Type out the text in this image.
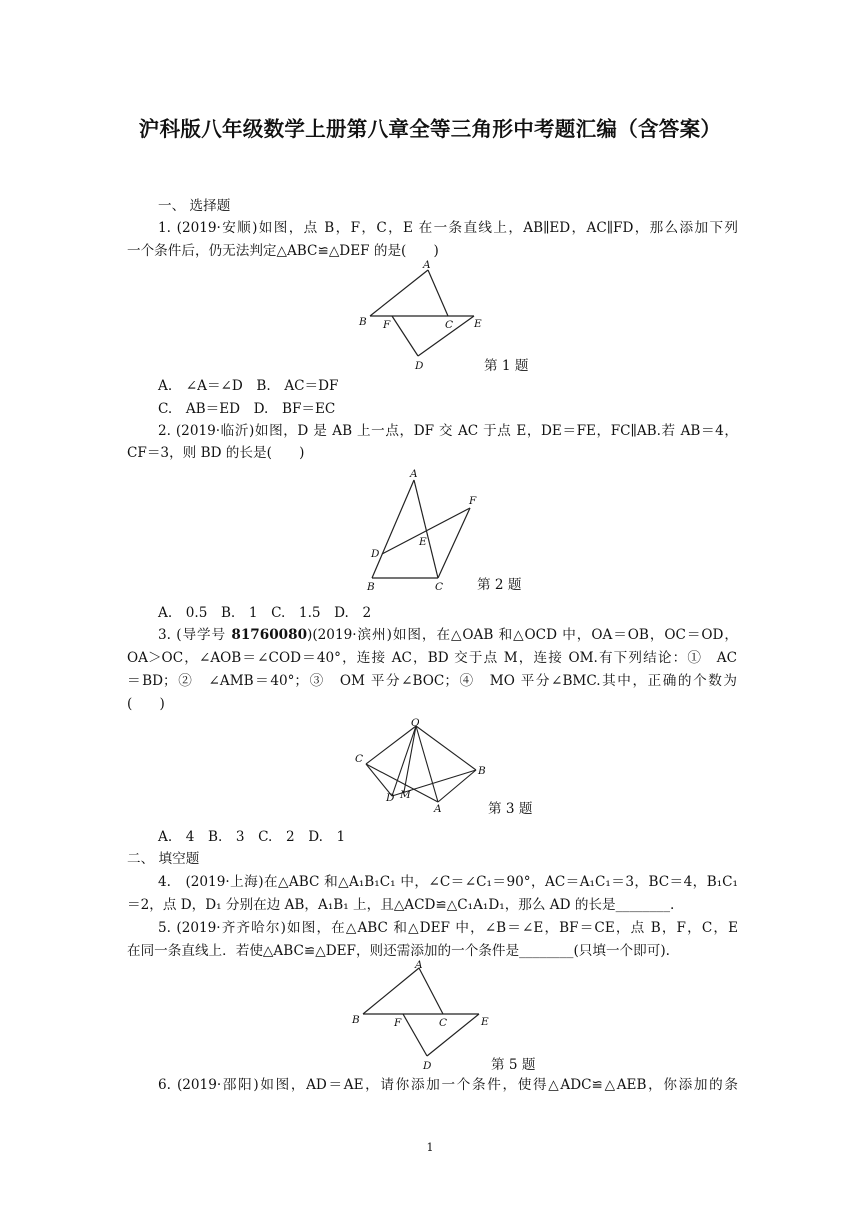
沪科版八年级数学上册第八章全等三角形中考题汇编（含答案）
一、 选择题
1. (2019·安顺)如图，点 B，F，C，E 在一条直线上，AB∥ED，AC∥FD，那么添加下列
一个条件后，仍无法判定△ABC≌△DEF 的是(　　)
A
B F	C E
D	第 1 题
A.　∠A＝∠D　B.　AC＝DF
C.　AB＝ED　D.　BF＝EC
2. (2019·临沂)如图，D 是 AB 上一点，DF 交 AC 于点 E，DE＝FE，FC∥AB.若 AB＝4，
CF＝3，则 BD 的长是(　　)
A
F
E
D
B	C 第 2 题
A.　0.5　B.　1　C.　1.5　D.　2
3. (导学号 81760080)(2019·滨州)如图，在△OAB 和△OCD 中，OA＝OB，OC＝OD，
OA＞OC，∠AOB＝∠COD＝40°，连接 AC，BD 交于点 M，连接 OM.有下列结论：①　AC
＝BD；②　∠AMB＝40°；③　OM 平分∠BOC；④　MO 平分∠BMC.其中，正确的个数为
(　　)
O
C
B
D M
A	第 3 题
A.　4　B.　3　C.　2　D.　1
二、 填空题
4.　(2019·上海)在△ABC 和△A₁B₁C₁ 中，∠C＝∠C₁＝90°，AC＝A₁C₁＝3，BC＝4，B₁C₁
＝2，点 D，D₁ 分别在边 AB，A₁B₁ 上，且△ACD≌△C₁A₁D₁，那么 AD 的长是________.
5. (2019·齐齐哈尔)如图，在△ABC 和△DEF 中，∠B＝∠E，BF＝CE，点 B，F，C，E
在同一条直线上．若使△ABC≌△DEF，则还需添加的一个条件是________(只填一个即可).
A
B	F	C	E
D	第 5 题
6. (2019·邵阳)如图，AD＝AE，请你添加一个条件，使得△ADC≌△AEB，你添加的条
1
